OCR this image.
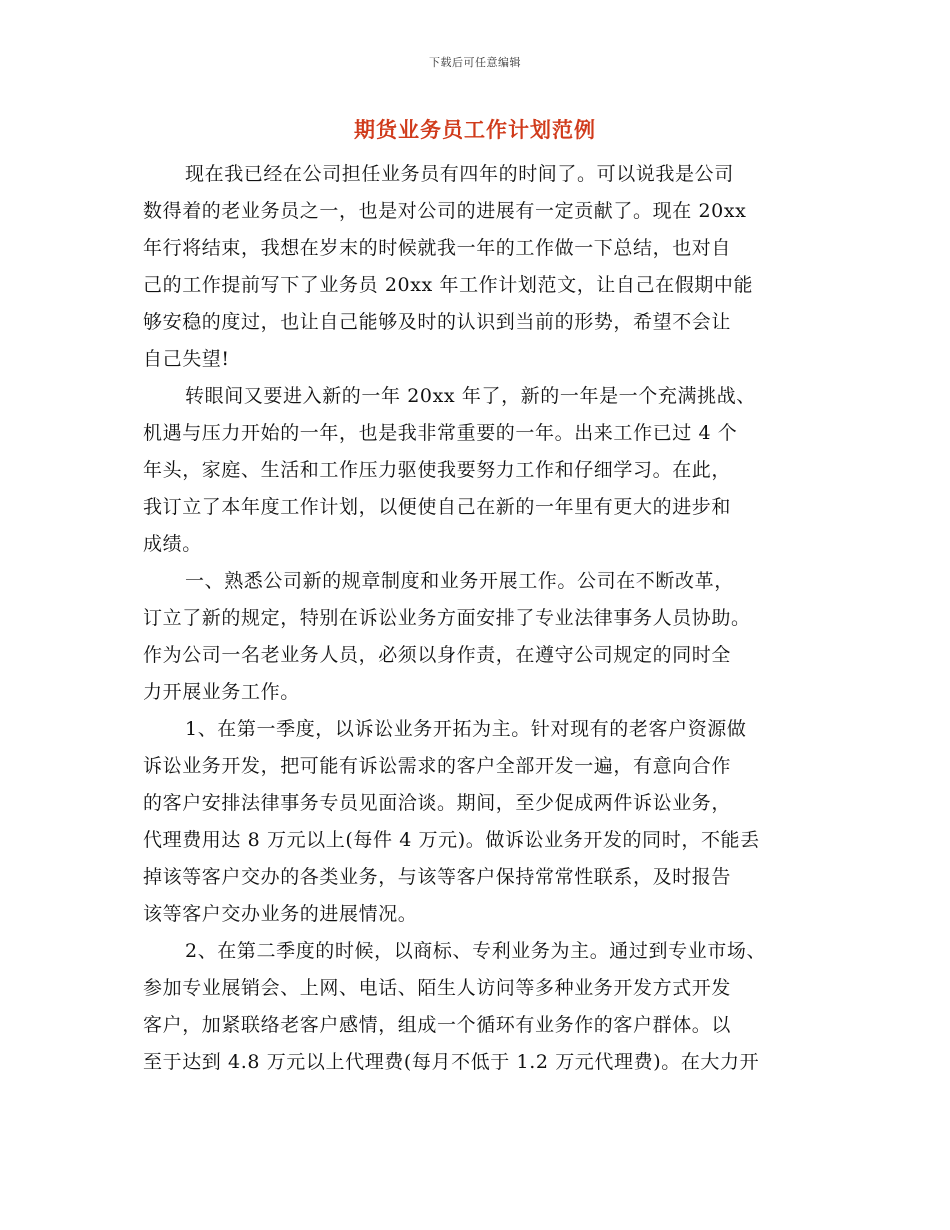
下载后可任意编辑
期货业务员工作计划范例
现在我已经在公司担任业务员有四年的时间了。可以说我是公司
数得着的老业务员之一，也是对公司的进展有一定贡献了。现在 20xx
年行将结束，我想在岁末的时候就我一年的工作做一下总结，也对自
己的工作提前写下了业务员 20xx 年工作计划范文，让自己在假期中能
够安稳的度过，也让自己能够及时的认识到当前的形势，希望不会让
自己失望!
转眼间又要进入新的一年 20xx 年了，新的一年是一个充满挑战、
机遇与压力开始的一年，也是我非常重要的一年。出来工作已过 4 个
年头，家庭、生活和工作压力驱使我要努力工作和仔细学习。在此，
我订立了本年度工作计划，以便使自己在新的一年里有更大的进步和
成绩。
一、熟悉公司新的规章制度和业务开展工作。公司在不断改革，
订立了新的规定，特别在诉讼业务方面安排了专业法律事务人员协助。
作为公司一名老业务人员，必须以身作责，在遵守公司规定的同时全
力开展业务工作。
1、在第一季度，以诉讼业务开拓为主。针对现有的老客户资源做
诉讼业务开发，把可能有诉讼需求的客户全部开发一遍，有意向合作
的客户安排法律事务专员见面洽谈。期间，至少促成两件诉讼业务，
代理费用达 8 万元以上(每件 4 万元)。做诉讼业务开发的同时，不能丢
掉该等客户交办的各类业务，与该等客户保持常常性联系，及时报告
该等客户交办业务的进展情况。
2、在第二季度的时候，以商标、专利业务为主。通过到专业市场、
参加专业展销会、上网、电话、陌生人访问等多种业务开发方式开发
客户，加紧联络老客户感情，组成一个循环有业务作的客户群体。以
至于达到 4.8 万元以上代理费(每月不低于 1.2 万元代理费)。在大力开
